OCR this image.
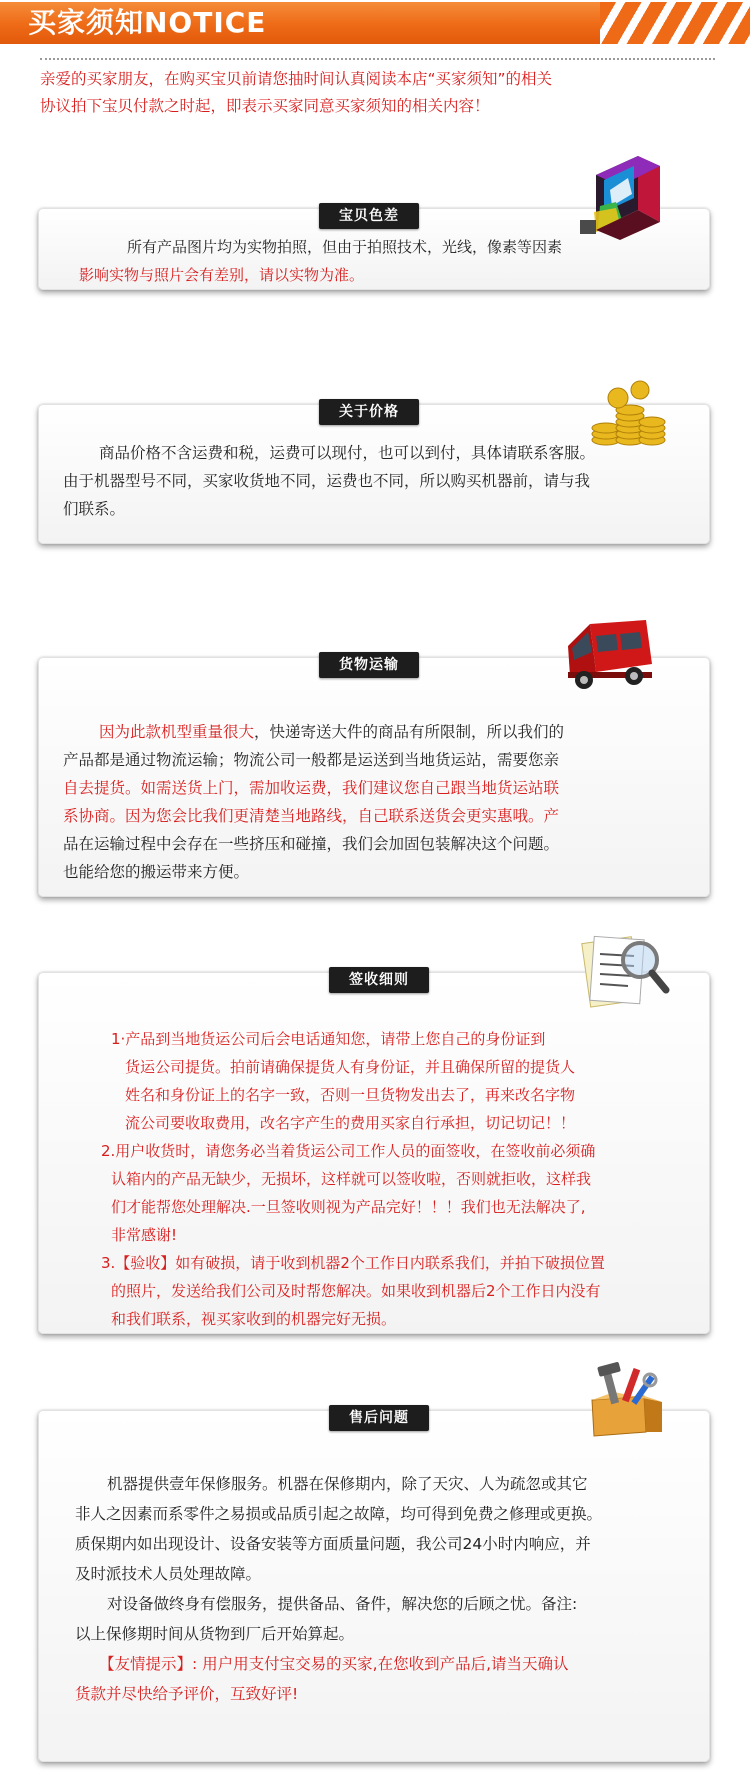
买家须知NOTICE

亲爱的买家朋友，在购买宝贝前请您抽时间认真阅读本店“买家须知”的相关

协议拍下宝贝付款之时起，即表示买家同意买家须知的相关内容！

宝贝色差
所有产品图片均为实物拍照，但由于拍照技术，光线，像素等因素
影响实物与照片会有差别，请以实物为准。
关于价格
商品价格不含运费和税，运费可以现付，也可以到付，具体请联系客服。
由于机器型号不同，买家收货地不同，运费也不同，所以购买机器前，请与我
们联系。
货物运输
因为此款机型重量很大，快递寄送大件的商品有所限制，所以我们的
产品都是通过物流运输；物流公司一般都是运送到当地货运站，需要您亲
自去提货。如需送货上门，需加收运费，我们建议您自己跟当地货运站联
系协商。因为您会比我们更清楚当地路线，自己联系送货会更实惠哦。产
品在运输过程中会存在一些挤压和碰撞，我们会加固包装解决这个问题。
也能给您的搬运带来方便。
签收细则
1·产品到当地货运公司后会电话通知您，请带上您自己的身份证到
货运公司提货。拍前请确保提货人有身份证，并且确保所留的提货人
姓名和身份证上的名字一致，否则一旦货物发出去了，再来改名字物
流公司要收取费用，改名字产生的费用买家自行承担，切记切记！！
2.用户收货时，请您务必当着货运公司工作人员的面签收，在签收前必须确
认箱内的产品无缺少，无损坏，这样就可以签收啦，否则就拒收，这样我
们才能帮您处理解决.一旦签收则视为产品完好！！！我们也无法解决了,
非常感谢!
3.【验收】如有破损，请于收到机器2个工作日内联系我们，并拍下破损位置
的照片，发送给我们公司及时帮您解决。如果收到机器后2个工作日内没有
和我们联系，视买家收到的机器完好无损。
售后问题
机器提供壹年保修服务。机器在保修期内，除了天灾、人为疏忽或其它
非人之因素而系零件之易损或品质引起之故障，均可得到免费之修理或更换。
质保期内如出现设计、设备安装等方面质量问题，我公司24小时内响应，并
及时派技术人员处理故障。
对设备做终身有偿服务，提供备品、备件，解决您的后顾之忧。备注:
以上保修期时间从货物到厂后开始算起。
【友情提示】: 用户用支付宝交易的买家,在您收到产品后,请当天确认
货款并尽快给予评价，互致好评!
